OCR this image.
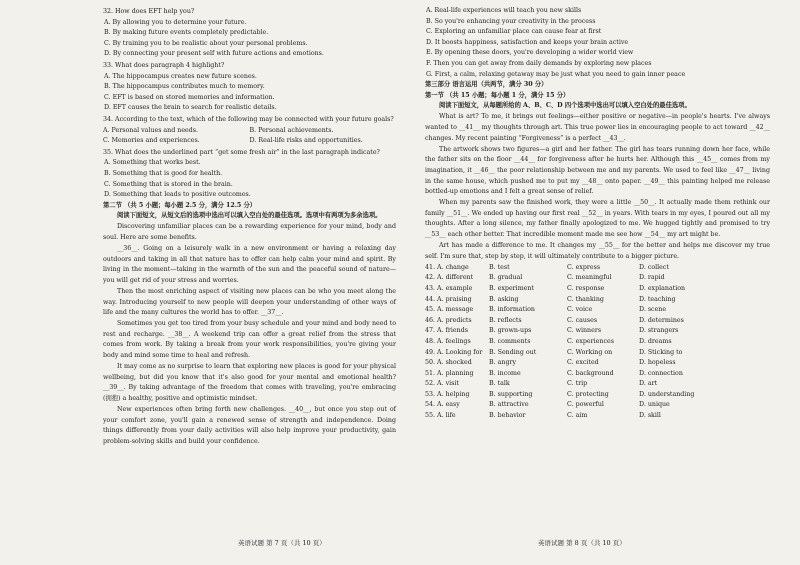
32. How does EFT help you?

A. By allowing you to determine your future.

B. By making future events completely predictable.

C. By training you to be realistic about your personal problems.

D. By connecting your present self with future actions and emotions.

33. What does paragraph 4 highlight?

A. The hippocampus creates new future scenes.

B. The hippocampus contributes much to memory.

C. EFT is based on stored memories and information.

D. EFT causes the brain to search for realistic details.

34. According to the text, which of the following may be connected with your future goals?

A. Personal values and needs.	B. Personal achievements.
C. Memories and experiences.	D. Real-life risks and opportunities.

35. What does the underlined part “get some fresh air” in the last paragraph indicate?

A. Something that works best.

B. Something that is good for health.

C. Something that is stored in the brain.

D. Something that leads to positive outcomes.

第二节 （共 5 小题；每小题 2.5 分，满分 12.5 分）

阅读下面短文，从短文后的选项中选出可以填入空白处的最佳选项。选项中有两项为多余选项。

Discovering unfamiliar places can be a rewarding experience for your mind, body and soul. Here are some benefits.

__36__. Going on a leisurely walk in a new environment or having a relaxing day outdoors and taking in all that nature has to offer can help calm your mind and spirit. By living in the moment—taking in the warmth of the sun and the peaceful sound of nature—you will get rid of your stress and worries.

Then the most enriching aspect of visiting new places can be who you meet along the way. Introducing yourself to new people will deepen your understanding of other ways of life and the many cultures the world has to offer. __37__.

Sometimes you get too tired from your busy schedule and your mind and body need to rest and recharge. __38__. A weekend trip can offer a great relief from the stress that comes from work. By taking a break from your work responsibilities, you're giving your body and mind some time to heal and refresh.

It may come as no surprise to learn that exploring new places is good for your physical wellbeing, but did you know that it's also good for your mental and emotional health? __39__. By taking advantage of the freedom that comes with traveling, you're embracing (拥抱) a healthy, positive and optimistic mindset.

New experiences often bring forth new challenges. __40__, but once you step out of your comfort zone, you'll gain a renewed sense of strength and independence. Doing things differently from your daily activities will also help improve your productivity, gain problem-solving skills and build your confidence.

A. Real-life experiences will teach you new skills

B. So you're enhancing your creativity in the process

C. Exploring an unfamiliar place can cause fear at first

D. It boosts happiness, satisfaction and keeps your brain active

E. By opening these doors, you're developing a wider world view

F. Then you can get away from daily demands by exploring new places

G. First, a calm, relaxing getaway may be just what you need to gain inner peace

第三部分 语言运用（共两节，满分 30 分）

第一节 （共 15 小题；每小题 1 分，满分 15 分）

阅读下面短文，从每题所给的 A、B、C、D 四个选项中选出可以填入空白处的最佳选项。

What is art? To me, it brings out feelings—either positive or negative—in people's hearts. I've always wanted to __41__ my thoughts through art. This true power lies in encouraging people to act toward __42__ changes. My recent painting “Forgiveness” is a perfect __43__.

The artwork shows two figures—a girl and her father. The girl has tears running down her face, while the father sits on the floor __44__ for forgiveness after he hurts her. Although this __45__ comes from my imagination, it __46__ the poor relationship between me and my parents. We used to feel like __47__ living in the same house, which pushed me to put my __48__ onto paper. __49__ this painting helped me release bottled-up emotions and I felt a great sense of relief.

When my parents saw the finished work, they were a little __50__. It actually made them rethink our family __51__. We ended up having our first real __52__ in years. With tears in my eyes, I poured out all my thoughts. After a long silence, my father finally apologized to me. We hugged tightly and promised to try __53__ each other better. That incredible moment made me see how __54__ my art might be.

Art has made a difference to me. It changes my __55__ for the better and helps me discover my true self. I'm sure that, step by step, it will ultimately contribute to a bigger picture.

41. A. change	B. test	C. express	D. collect
42. A. different	B. gradual	C. meaningful	D. rapid
43. A. example	B. experiment	C. response	D. explanation
44. A. praising	B. asking	C. thanking	D. teaching
45. A. message	B. information	C. voice	D. scene
46. A. predicts	B. reflects	C. causes	D. determines
47. A. friends	B. grown-ups	C. winners	D. strangers
48. A. feelings	B. comments	C. experiences	D. dreams
49. A. Looking for	B. Sending out	C. Working on	D. Sticking to
50. A. shocked	B. angry	C. excited	D. hopeless
51. A. planning	B. income	C. background	D. connection
52. A. visit	B. talk	C. trip	D. art
53. A. helping	B. supporting	C. protecting	D. understanding
54. A. easy	B. attractive	C. powerful	D. unique
55. A. life	B. behavior	C. aim	D. skill
英语试题 第 7 页（共 10 页）	英语试题 第 8 页（共 10 页）
